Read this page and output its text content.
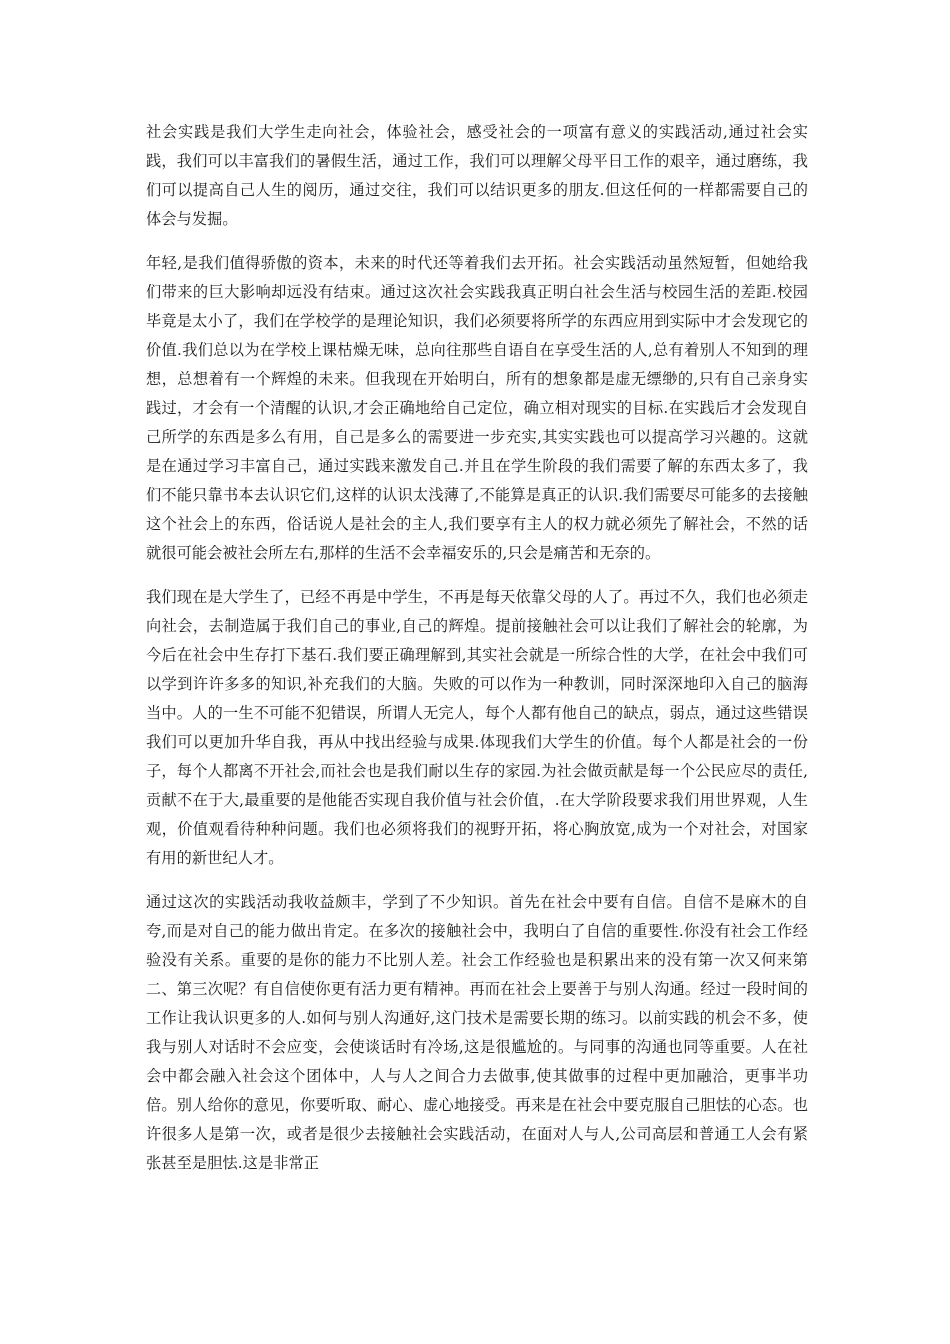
社会实践是我们大学生走向社会，体验社会，感受社会的一项富有意义的实践活动,通过社会实践，我们可以丰富我们的暑假生活，通过工作，我们可以理解父母平日工作的艰辛，通过磨练，我们可以提高自己人生的阅历，通过交往，我们可以结识更多的朋友.但这任何的一样都需要自己的体会与发掘。

年轻,是我们值得骄傲的资本，未来的时代还等着我们去开拓。社会实践活动虽然短暂，但她给我们带来的巨大影响却远没有结束。通过这次社会实践我真正明白社会生活与校园生活的差距.校园毕竟是太小了，我们在学校学的是理论知识，我们必须要将所学的东西应用到实际中才会发现它的价值.我们总以为在学校上课枯燥无味，总向往那些自语自在享受生活的人,总有着别人不知到的理想，总想着有一个辉煌的未来。但我现在开始明白，所有的想象都是虚无缥缈的,只有自己亲身实践过，才会有一个清醒的认识,才会正确地给自己定位，确立相对现实的目标.在实践后才会发现自己所学的东西是多么有用，自己是多么的需要进一步充实,其实实践也可以提高学习兴趣的。这就是在通过学习丰富自己，通过实践来激发自己.并且在学生阶段的我们需要了解的东西太多了，我们不能只靠书本去认识它们,这样的认识太浅薄了,不能算是真正的认识.我们需要尽可能多的去接触这个社会上的东西，俗话说人是社会的主人,我们要享有主人的权力就必须先了解社会，不然的话就很可能会被社会所左右,那样的生活不会幸福安乐的,只会是痛苦和无奈的。

我们现在是大学生了，已经不再是中学生，不再是每天依靠父母的人了。再过不久，我们也必须走向社会，去制造属于我们自己的事业,自己的辉煌。提前接触社会可以让我们了解社会的轮廓，为今后在社会中生存打下基石.我们要正确理解到,其实社会就是一所综合性的大学，在社会中我们可以学到许许多多的知识,补充我们的大脑。失败的可以作为一种教训，同时深深地印入自己的脑海当中。人的一生不可能不犯错误，所谓人无完人，每个人都有他自己的缺点，弱点，通过这些错误我们可以更加升华自我，再从中找出经验与成果.体现我们大学生的价值。每个人都是社会的一份子，每个人都离不开社会,而社会也是我们耐以生存的家园.为社会做贡献是每一个公民应尽的责任,贡献不在于大,最重要的是他能否实现自我价值与社会价值，.在大学阶段要求我们用世界观，人生观，价值观看待种种问题。我们也必须将我们的视野开拓，将心胸放宽,成为一个对社会，对国家有用的新世纪人才。

通过这次的实践活动我收益颇丰，学到了不少知识。首先在社会中要有自信。自信不是麻木的自夸,而是对自己的能力做出肯定。在多次的接触社会中，我明白了自信的重要性.你没有社会工作经验没有关系。重要的是你的能力不比别人差。社会工作经验也是积累出来的没有第一次又何来第二、第三次呢？有自信使你更有活力更有精神。再而在社会上要善于与别人沟通。经过一段时间的工作让我认识更多的人.如何与别人沟通好,这门技术是需要长期的练习。以前实践的机会不多，使我与别人对话时不会应变，会使谈话时有冷场,这是很尴尬的。与同事的沟通也同等重要。人在社会中都会融入社会这个团体中，人与人之间合力去做事,使其做事的过程中更加融洽，更事半功倍。别人给你的意见，你要听取、耐心、虚心地接受。再来是在社会中要克服自己胆怯的心态。也许很多人是第一次，或者是很少去接触社会实践活动，在面对人与人,公司高层和普通工人会有紧张甚至是胆怯.这是非常正
